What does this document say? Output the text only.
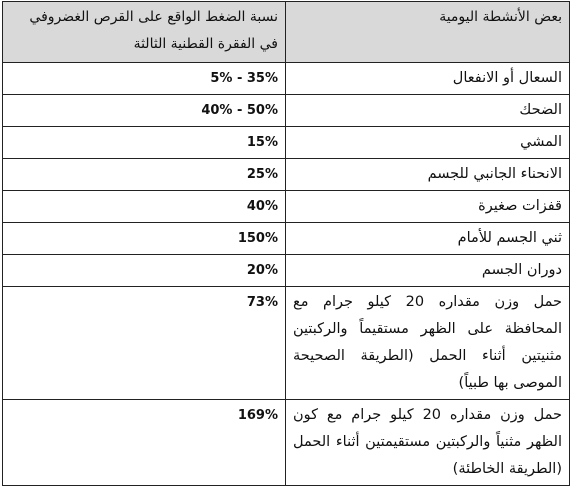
بعض الأنشطة اليومية	نسبة الضغط الواقع على القرص الغضروفي في الفقرة القطنية الثالثة
السعال أو الانفعال	5% - 35%
الضحك	40% - 50%
المشي	15%
الانحناء الجانبي للجسم	25%
قفزات صغيرة	40%
ثني الجسم للأمام	150%
دوران الجسم	20%
حمل وزن مقداره 20 كيلو جرام مع المحافظة على الظهر مستقيماً والركبتين مثنيتين أثناء الحمل (الطريقة الصحيحة الموصى بها طبياً)	73%
حمل وزن مقداره 20 كيلو جرام مع كون الظهر مثنياً والركبتين مستقيمتين أثناء الحمل (الطريقة الخاطئة)	169%
